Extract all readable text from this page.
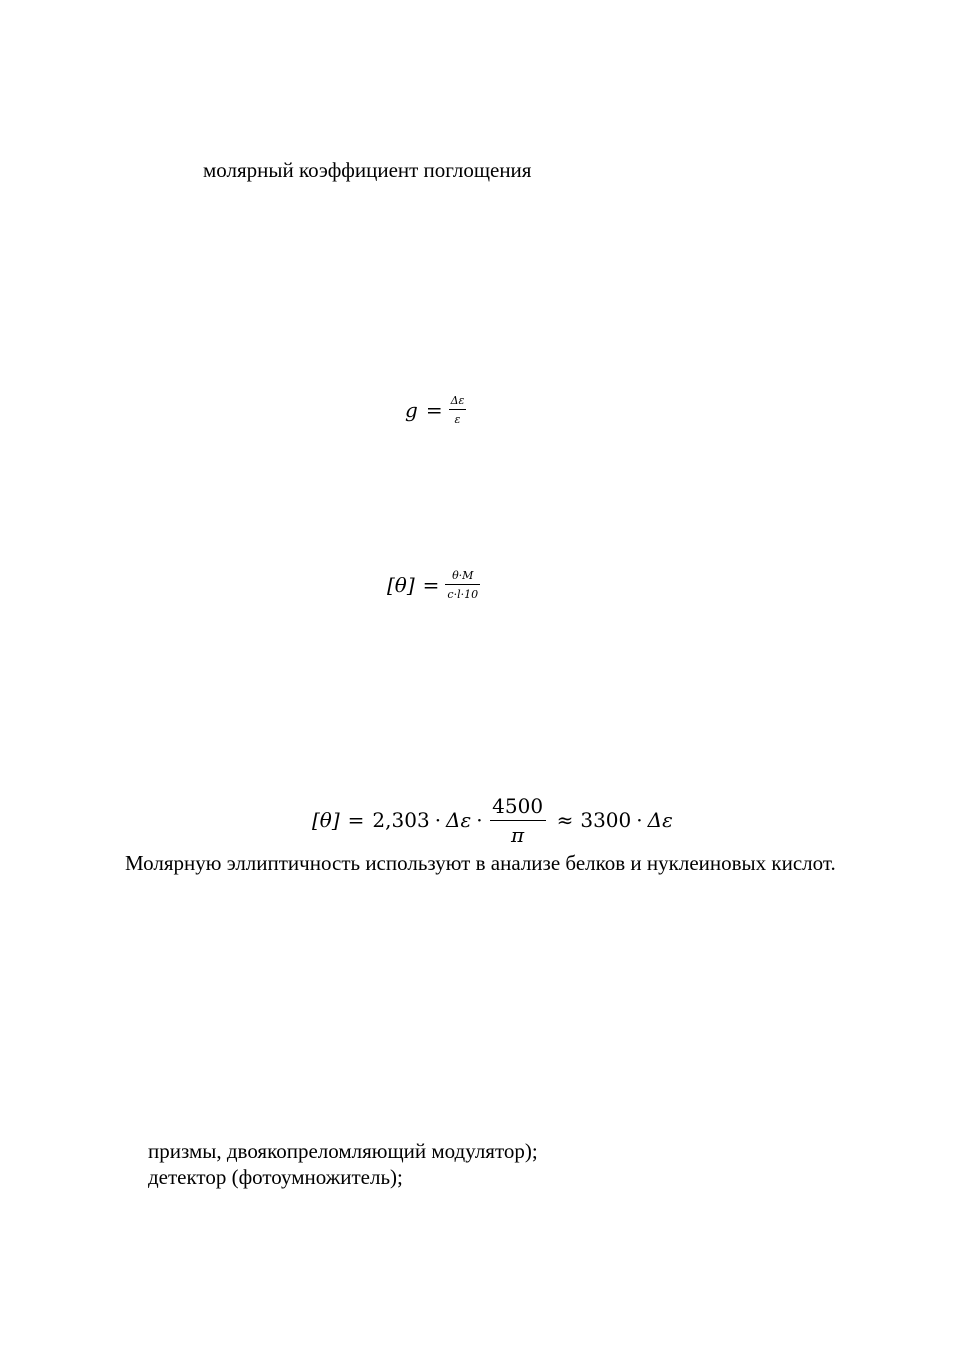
молярный коэффициент поглощения
$g = \frac{\Delta\varepsilon}{\varepsilon}$
$[\theta] = \frac{\theta\cdot M}{c\cdot l\cdot 10}$
$[\theta] = 2,303 \cdot \Delta\varepsilon \cdot \frac{4500}{\pi} \approx 3300 \cdot \Delta\varepsilon$
Молярную эллиптичность используют в анализе белков и нуклеиновых кислот.
призмы, двоякопреломляющий модулятор);
детектор (фотоумножитель);
